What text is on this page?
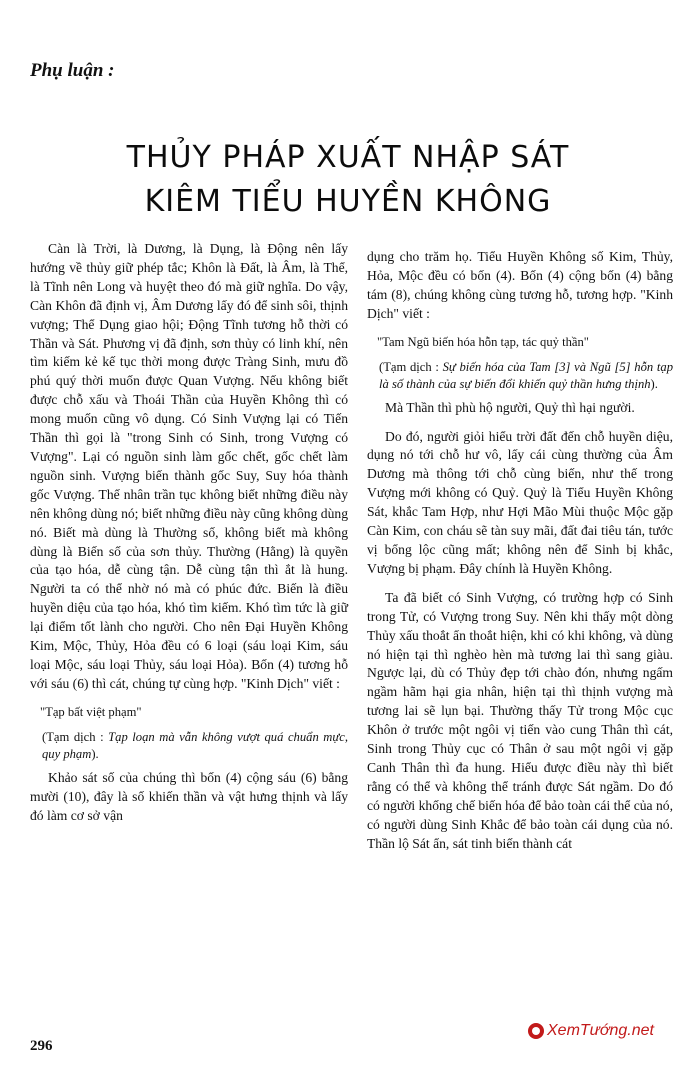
Phụ luận :
THỦY PHÁP XUẤT NHẬP SÁT
KIÊM TIỂU HUYỀN KHÔNG

Càn là Trời, là Dương, là Dụng, là Động nên lấy hướng về thủy giữ phép tắc; Khôn là Đất, là Âm, là Thể, là Tĩnh nên Long và huyệt theo đó mà giữ nghĩa. Do vậy, Càn Khôn đã định vị, Âm Dương lấy đó để sinh sôi, thịnh vượng; Thể Dụng giao hội; Động Tĩnh tương hỗ thời có Thần và Sát. Phương vị đã định, sơn thủy có linh khí, nên tìm kiếm kẻ kế tục thời mong được Tràng Sinh, mưu đồ phú quý thời muốn được Quan Vượng. Nếu không biết được chỗ xấu và Thoái Thần của Huyền Không thì có mong muốn cũng vô dụng. Có Sinh Vượng lại có Tiến Thần thì gọi là "trong Sinh có Sinh, trong Vượng có Vượng". Lại có nguồn sinh làm gốc chết, gốc chết làm nguồn sinh. Vượng biến thành gốc Suy, Suy hóa thành gốc Vượng. Thế nhân trần tục không biết những điều này nên không dùng nó; biết những điều này cũng không dùng nó. Biết mà dùng là Thường số, không biết mà không dùng là Biến số của sơn thủy. Thường (Hằng) là quyền của tạo hóa, dễ cùng tận. Dễ cùng tận thì ắt là hung. Người ta có thể nhờ nó mà có phúc đức. Biến là điều huyền diệu của tạo hóa, khó tìm kiếm. Khó tìm tức là giữ lại điểm tốt lành cho người. Cho nên Đại Huyền Không Kim, Mộc, Thủy, Hỏa đều có 6 loại (sáu loại Kim, sáu loại Mộc, sáu loại Thủy, sáu loại Hỏa). Bốn (4) tương hỗ với sáu (6) thì cát, chúng tự cùng hợp. "Kinh Dịch" viết :

"Tạp bất việt phạm"

(Tạm dịch : Tạp loạn mà vẫn không vượt quá chuẩn mực, quy phạm).

Khảo sát số của chúng thì bốn (4) cộng sáu (6) bằng mười (10), đây là số khiến thần và vật hưng thịnh và lấy đó làm cơ sở vận

dụng cho trăm họ. Tiểu Huyền Không số Kim, Thủy, Hỏa, Mộc đều có bốn (4). Bốn (4) cộng bốn (4) bằng tám (8), chúng không cùng tương hỗ, tương hợp. "Kinh Dịch" viết :

"Tam Ngũ biến hóa hỗn tạp, tác quỷ thần"

(Tạm dịch : Sự biến hóa của Tam [3] và Ngũ [5] hỗn tạp là số thành của sự biến đổi khiến quỷ thần hưng thịnh).

Mà Thần thì phù hộ người, Quỷ thì hại người.

Do đó, người giỏi hiểu trời đất đến chỗ huyền diệu, dụng nó tới chỗ hư vô, lấy cái cùng thường của Âm Dương mà thông tới chỗ cùng biến, như thế trong Vượng mới không có Quỷ. Quỷ là Tiểu Huyền Không Sát, khắc Tam Hợp, như Hợi Mão Mùi thuộc Mộc gặp Càn Kim, con cháu sẽ tàn suy mãi, đất đai tiêu tán, tước vị bổng lộc cũng mất; không nên để Sinh bị khắc, Vượng bị phạm. Đây chính là Huyền Không.

Ta đã biết có Sinh Vượng, có trường hợp có Sinh trong Tử, có Vượng trong Suy. Nên khi thấy một dòng Thủy xấu thoắt ẩn thoắt hiện, khi có khi không, và dùng nó hiện tại thì nghèo hèn mà tương lai thì sang giàu. Ngược lại, dù có Thủy đẹp tới chào đón, nhưng ngấm ngầm hãm hại gia nhân, hiện tại thì thịnh vượng mà tương lai sẽ lụn bại. Thường thấy Tử trong Mộc cục Khôn ở trước một ngôi vị tiến vào cung Thân thì cát, Sinh trong Thủy cục có Thân ở sau một ngôi vị gặp Canh Thân thì đa hung. Hiểu được điều này thì biết rằng có thể và không thể tránh được Sát ngầm. Do đó có người khống chế biến hóa để bảo toàn cái thể của nó, có người dùng Sinh Khắc để bảo toàn cái dụng của nó. Thần lộ Sát ẩn, sát tinh biến thành cát

296
XemTướng.net
